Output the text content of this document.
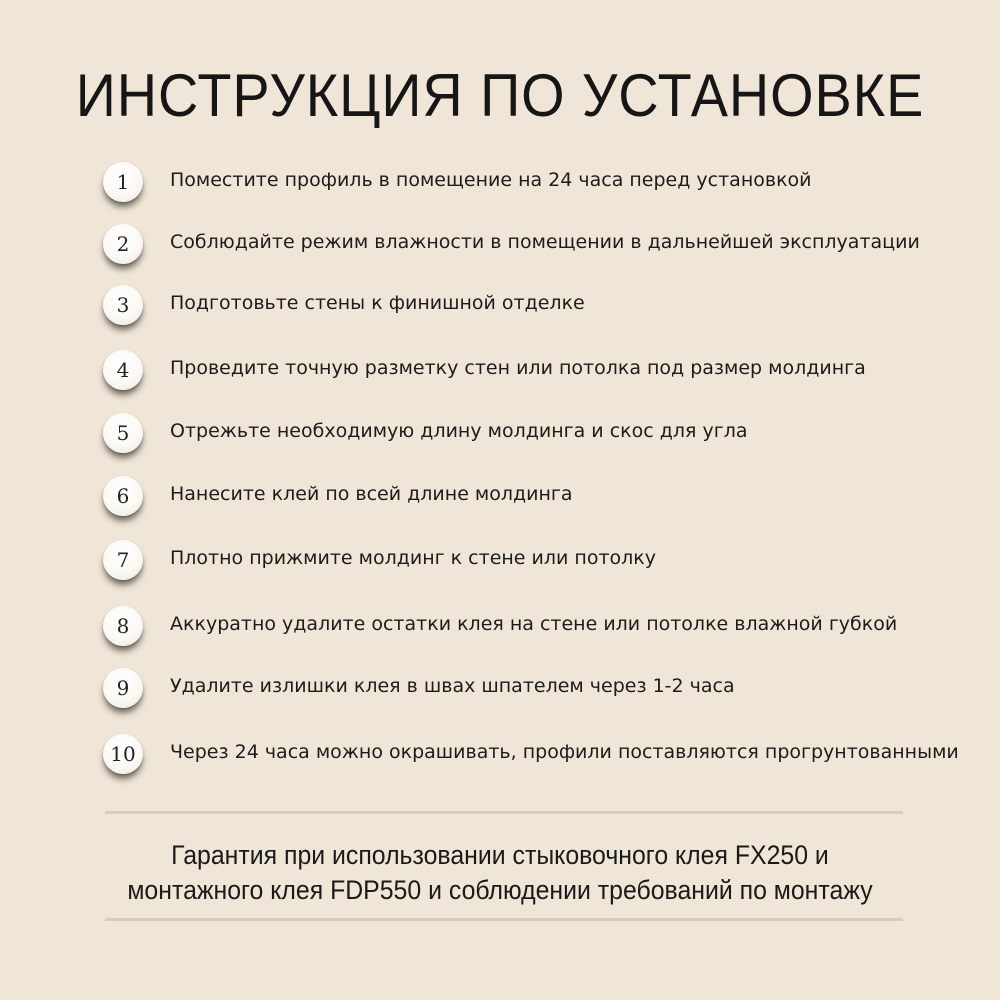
ИНСТРУКЦИЯ ПО УСТАНОВКЕ
1	Поместите профиль в помещение на 24 часа перед установкой
2	Соблюдайте режим влажности в помещении в дальнейшей эксплуатации
3	Подготовьте стены к финишной отделке
4	Проведите точную разметку стен или потолка под размер молдинга
5	Отрежьте необходимую длину молдинга и скос для угла
6	Нанесите клей по всей длине молдинга
7	Плотно прижмите молдинг к стене или потолку
8	Аккуратно удалите остатки клея на стене или потолке влажной губкой
9	Удалите излишки клея в швах шпателем через 1-2 часа
10	Через 24 часа можно окрашивать, профили поставляются прогрунтованными
Гарантия при использовании стыковочного клея FX250 и
монтажного клея FDP550 и соблюдении требований по монтажу
